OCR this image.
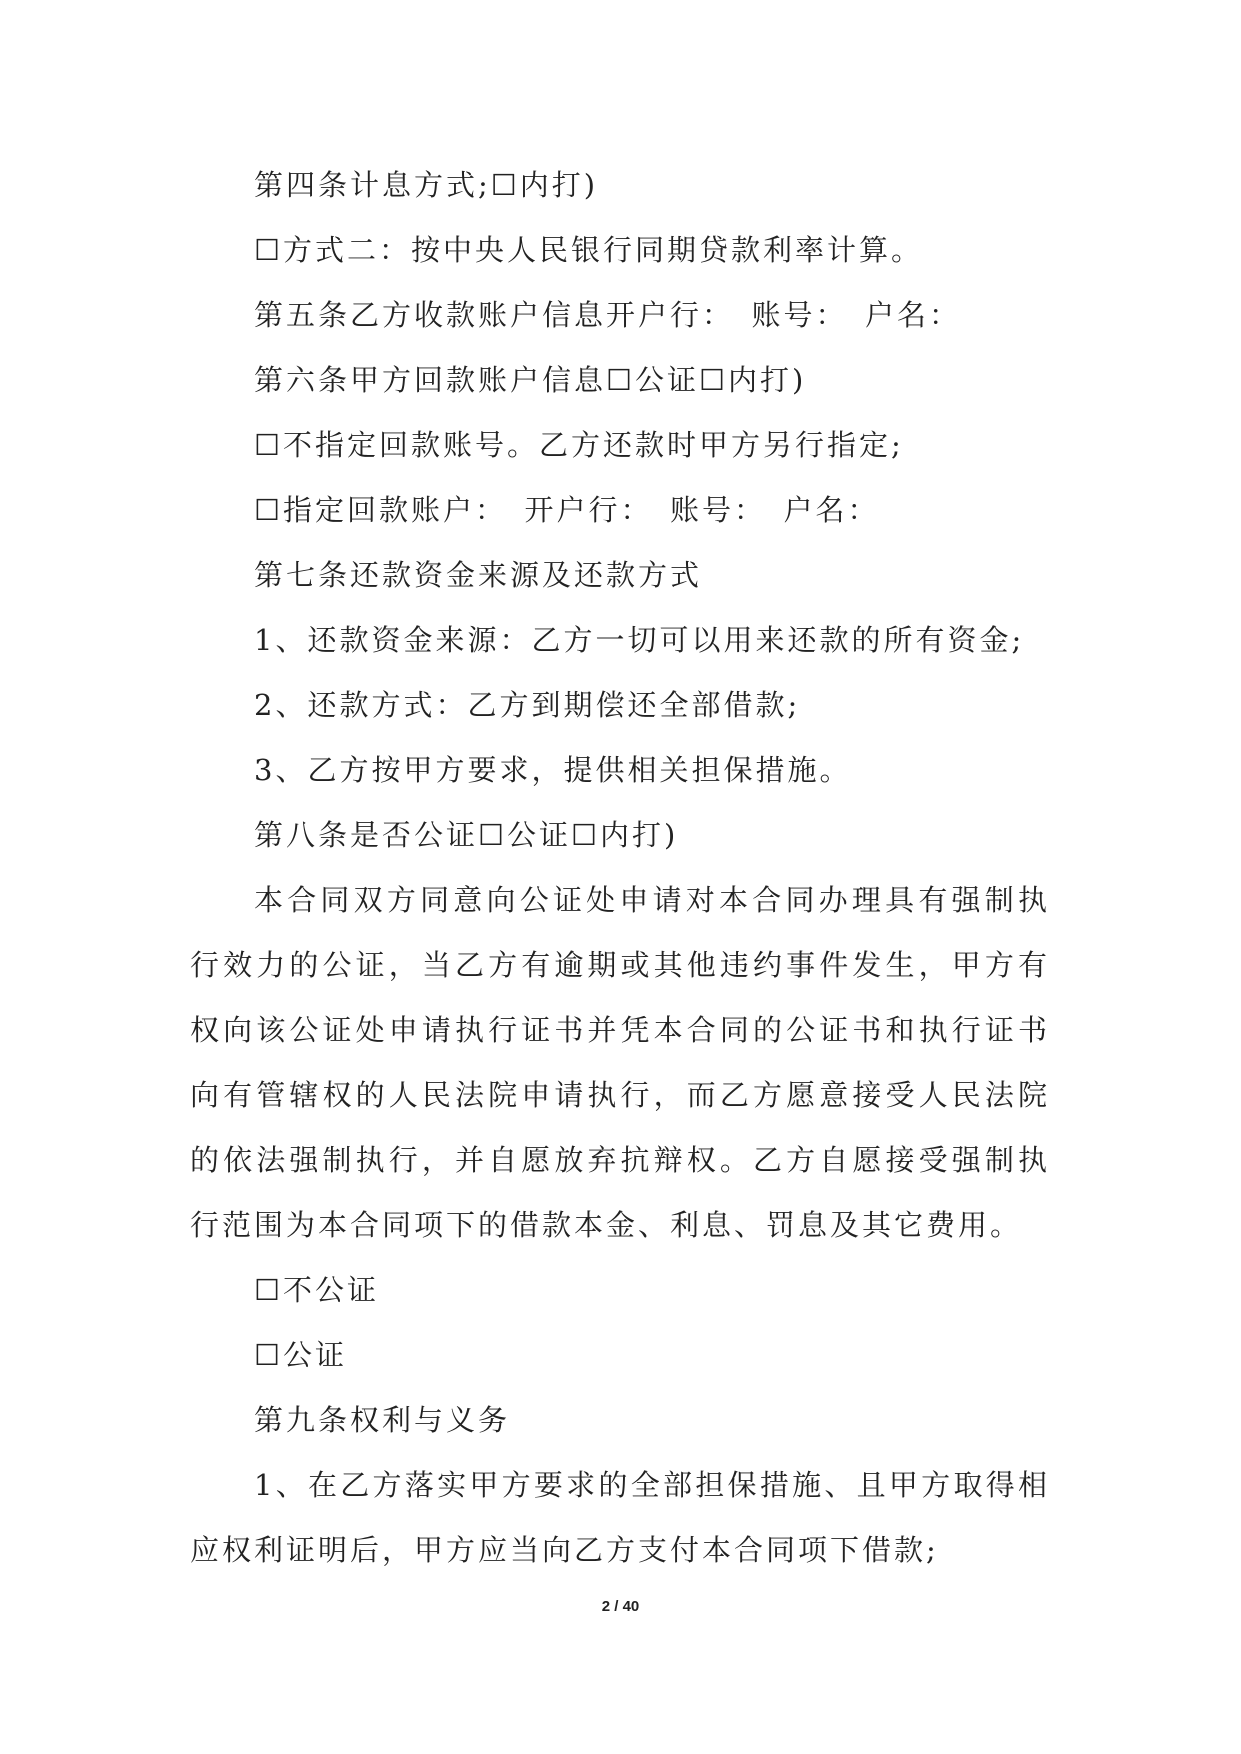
第四条计息方式;☐内打)
☐方式二：按中央人民银行同期贷款利率计算。
第五条乙方收款账户信息开户行：　账号：　户名：
第六条甲方回款账户信息☐公证☐内打)
☐不指定回款账号。乙方还款时甲方另行指定;
☐指定回款账户：　开户行：　账号：　户名：
第七条还款资金来源及还款方式
1、还款资金来源：乙方一切可以用来还款的所有资金;
2、还款方式：乙方到期偿还全部借款;
3、乙方按甲方要求，提供相关担保措施。
第八条是否公证☐公证☐内打)
本合同双方同意向公证处申请对本合同办理具有强制执行效力的公证，当乙方有逾期或其他违约事件发生，甲方有权向该公证处申请执行证书并凭本合同的公证书和执行证书向有管辖权的人民法院申请执行，而乙方愿意接受人民法院的依法强制执行，并自愿放弃抗辩权。乙方自愿接受强制执行范围为本合同项下的借款本金、利息、罚息及其它费用。
☐不公证
☐公证
第九条权利与义务
1、在乙方落实甲方要求的全部担保措施、且甲方取得相应权利证明后，甲方应当向乙方支付本合同项下借款;
2 / 40
